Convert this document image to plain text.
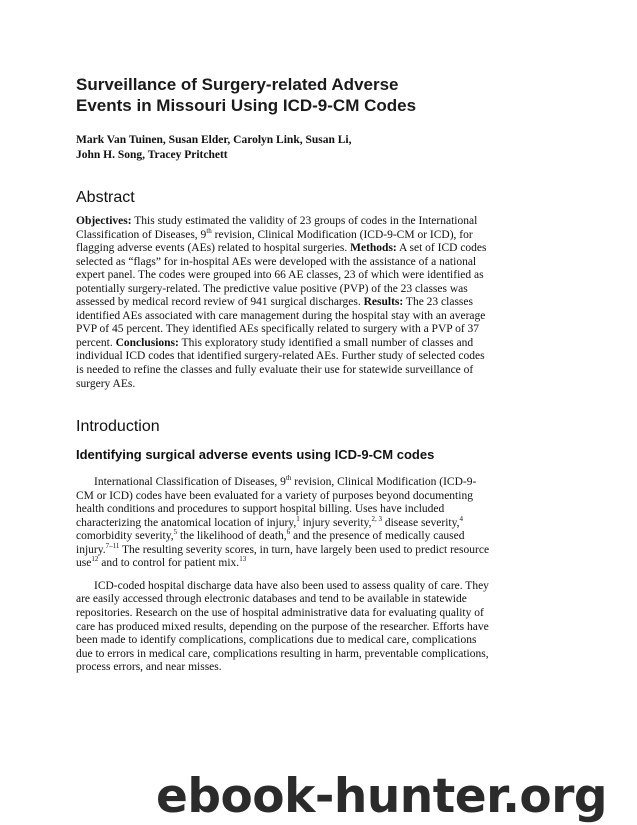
Surveillance of Surgery-related Adverse
Events in Missouri Using ICD-9-CM Codes
Mark Van Tuinen, Susan Elder, Carolyn Link, Susan Li,
John H. Song, Tracey Pritchett
Abstract
Objectives: This study estimated the validity of 23 groups of codes in the International Classification of Diseases, 9th revision, Clinical Modification (ICD-9-CM or ICD), for flagging adverse events (AEs) related to hospital surgeries. Methods: A set of ICD codes selected as “flags” for in-hospital AEs were developed with the assistance of a national expert panel. The codes were grouped into 66 AE classes, 23 of which were identified as potentially surgery-related. The predictive value positive (PVP) of the 23 classes was assessed by medical record review of 941 surgical discharges. Results: The 23 classes identified AEs associated with care management during the hospital stay with an average PVP of 45 percent. They identified AEs specifically related to surgery with a PVP of 37 percent. Conclusions: This exploratory study identified a small number of classes and individual ICD codes that identified surgery-related AEs. Further study of selected codes is needed to refine the classes and fully evaluate their use for statewide surveillance of surgery AEs.
Introduction
Identifying surgical adverse events using ICD-9-CM codes

International Classification of Diseases, 9th revision, Clinical Modification (ICD-9-CM or ICD) codes have been evaluated for a variety of purposes beyond documenting health conditions and procedures to support hospital billing. Uses have included characterizing the anatomical location of injury,$^1$ injury severity,$^{2, 3}$ disease severity,$^4$ comorbidity severity,$^5$ the likelihood of death,$^6$ and the presence of medically caused injury.$^{7-11}$ The resulting severity scores, in turn, have largely been used to predict resource use$^{12}$ and to control for patient mix.$^{13}$

ICD-coded hospital discharge data have also been used to assess quality of care. They are easily accessed through electronic databases and tend to be available in statewide repositories. Research on the use of hospital administrative data for evaluating quality of care has produced mixed results, depending on the purpose of the researcher. Efforts have been made to identify complications, complications due to medical care, complications due to errors in medical care, complications resulting in harm, preventable complications, process errors, and near misses.

ebook-hunter.org
